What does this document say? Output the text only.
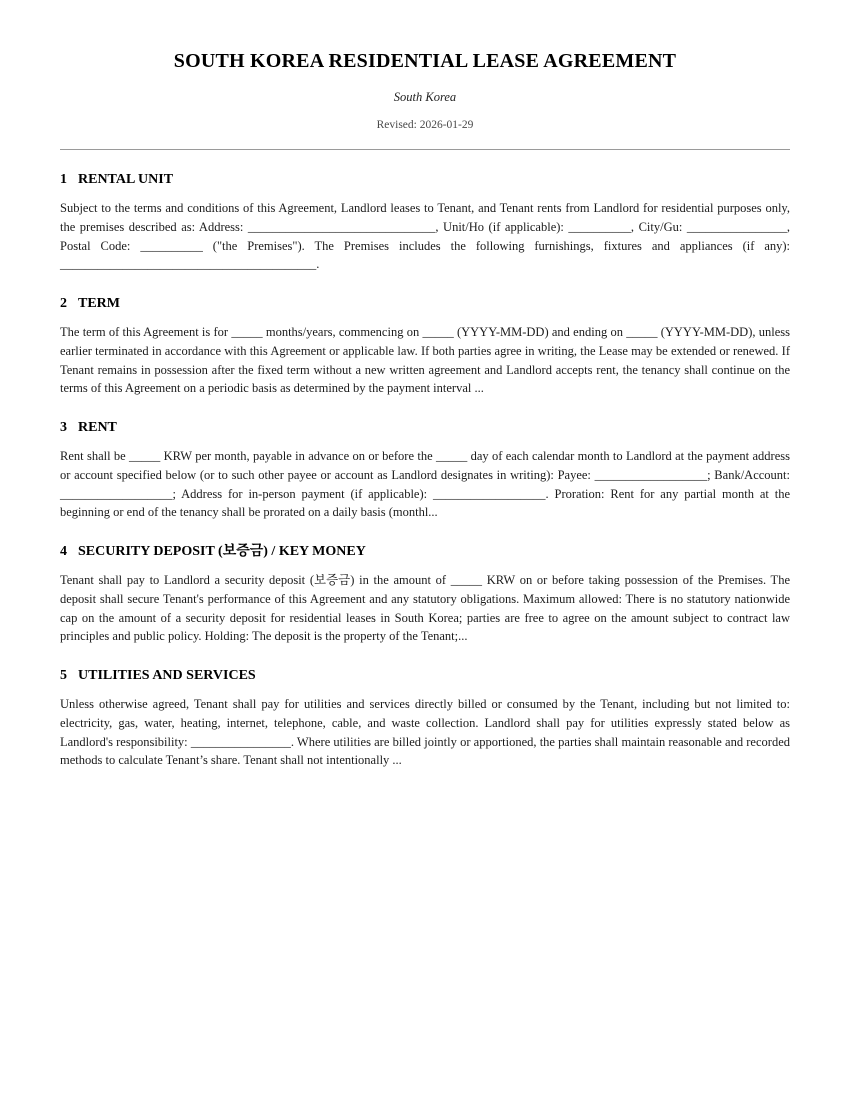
SOUTH KOREA RESIDENTIAL LEASE AGREEMENT
South Korea
Revised: 2026-01-29
1 RENTAL UNIT

Subject to the terms and conditions of this Agreement, Landlord leases to Tenant, and Tenant rents from Landlord for residential purposes only, the premises described as: Address: ______________________________, Unit/Ho (if applicable): __________, City/Gu: ________________, Postal Code: __________ ("the Premises"). The Premises includes the following furnishings, fixtures and appliances (if any): _________________________________________.

2 TERM

The term of this Agreement is for _____ months/years, commencing on _____ (YYYY-MM-DD) and ending on _____ (YYYY-MM-DD), unless earlier terminated in accordance with this Agreement or applicable law. If both parties agree in writing, the Lease may be extended or renewed. If Tenant remains in possession after the fixed term without a new written agreement and Landlord accepts rent, the tenancy shall continue on the terms of this Agreement on a periodic basis as determined by the payment interval ...

3 RENT

Rent shall be _____ KRW per month, payable in advance on or before the _____ day of each calendar month to Landlord at the payment address or account specified below (or to such other payee or account as Landlord designates in writing): Payee: __________________; Bank/Account: __________________; Address for in-person payment (if applicable): __________________. Proration: Rent for any partial month at the beginning or end of the tenancy shall be prorated on a daily basis (monthl...

4 SECURITY DEPOSIT (보증금) / KEY MONEY

Tenant shall pay to Landlord a security deposit (보증금) in the amount of _____ KRW on or before taking possession of the Premises. The deposit shall secure Tenant's performance of this Agreement and any statutory obligations. Maximum allowed: There is no statutory nationwide cap on the amount of a security deposit for residential leases in South Korea; parties are free to agree on the amount subject to contract law principles and public policy. Holding: The deposit is the property of the Tenant;...

5 UTILITIES AND SERVICES

Unless otherwise agreed, Tenant shall pay for utilities and services directly billed or consumed by the Tenant, including but not limited to: electricity, gas, water, heating, internet, telephone, cable, and waste collection. Landlord shall pay for utilities expressly stated below as Landlord's responsibility: ________________. Where utilities are billed jointly or apportioned, the parties shall maintain reasonable and recorded methods to calculate Tenant’s share. Tenant shall not intentionally ...
